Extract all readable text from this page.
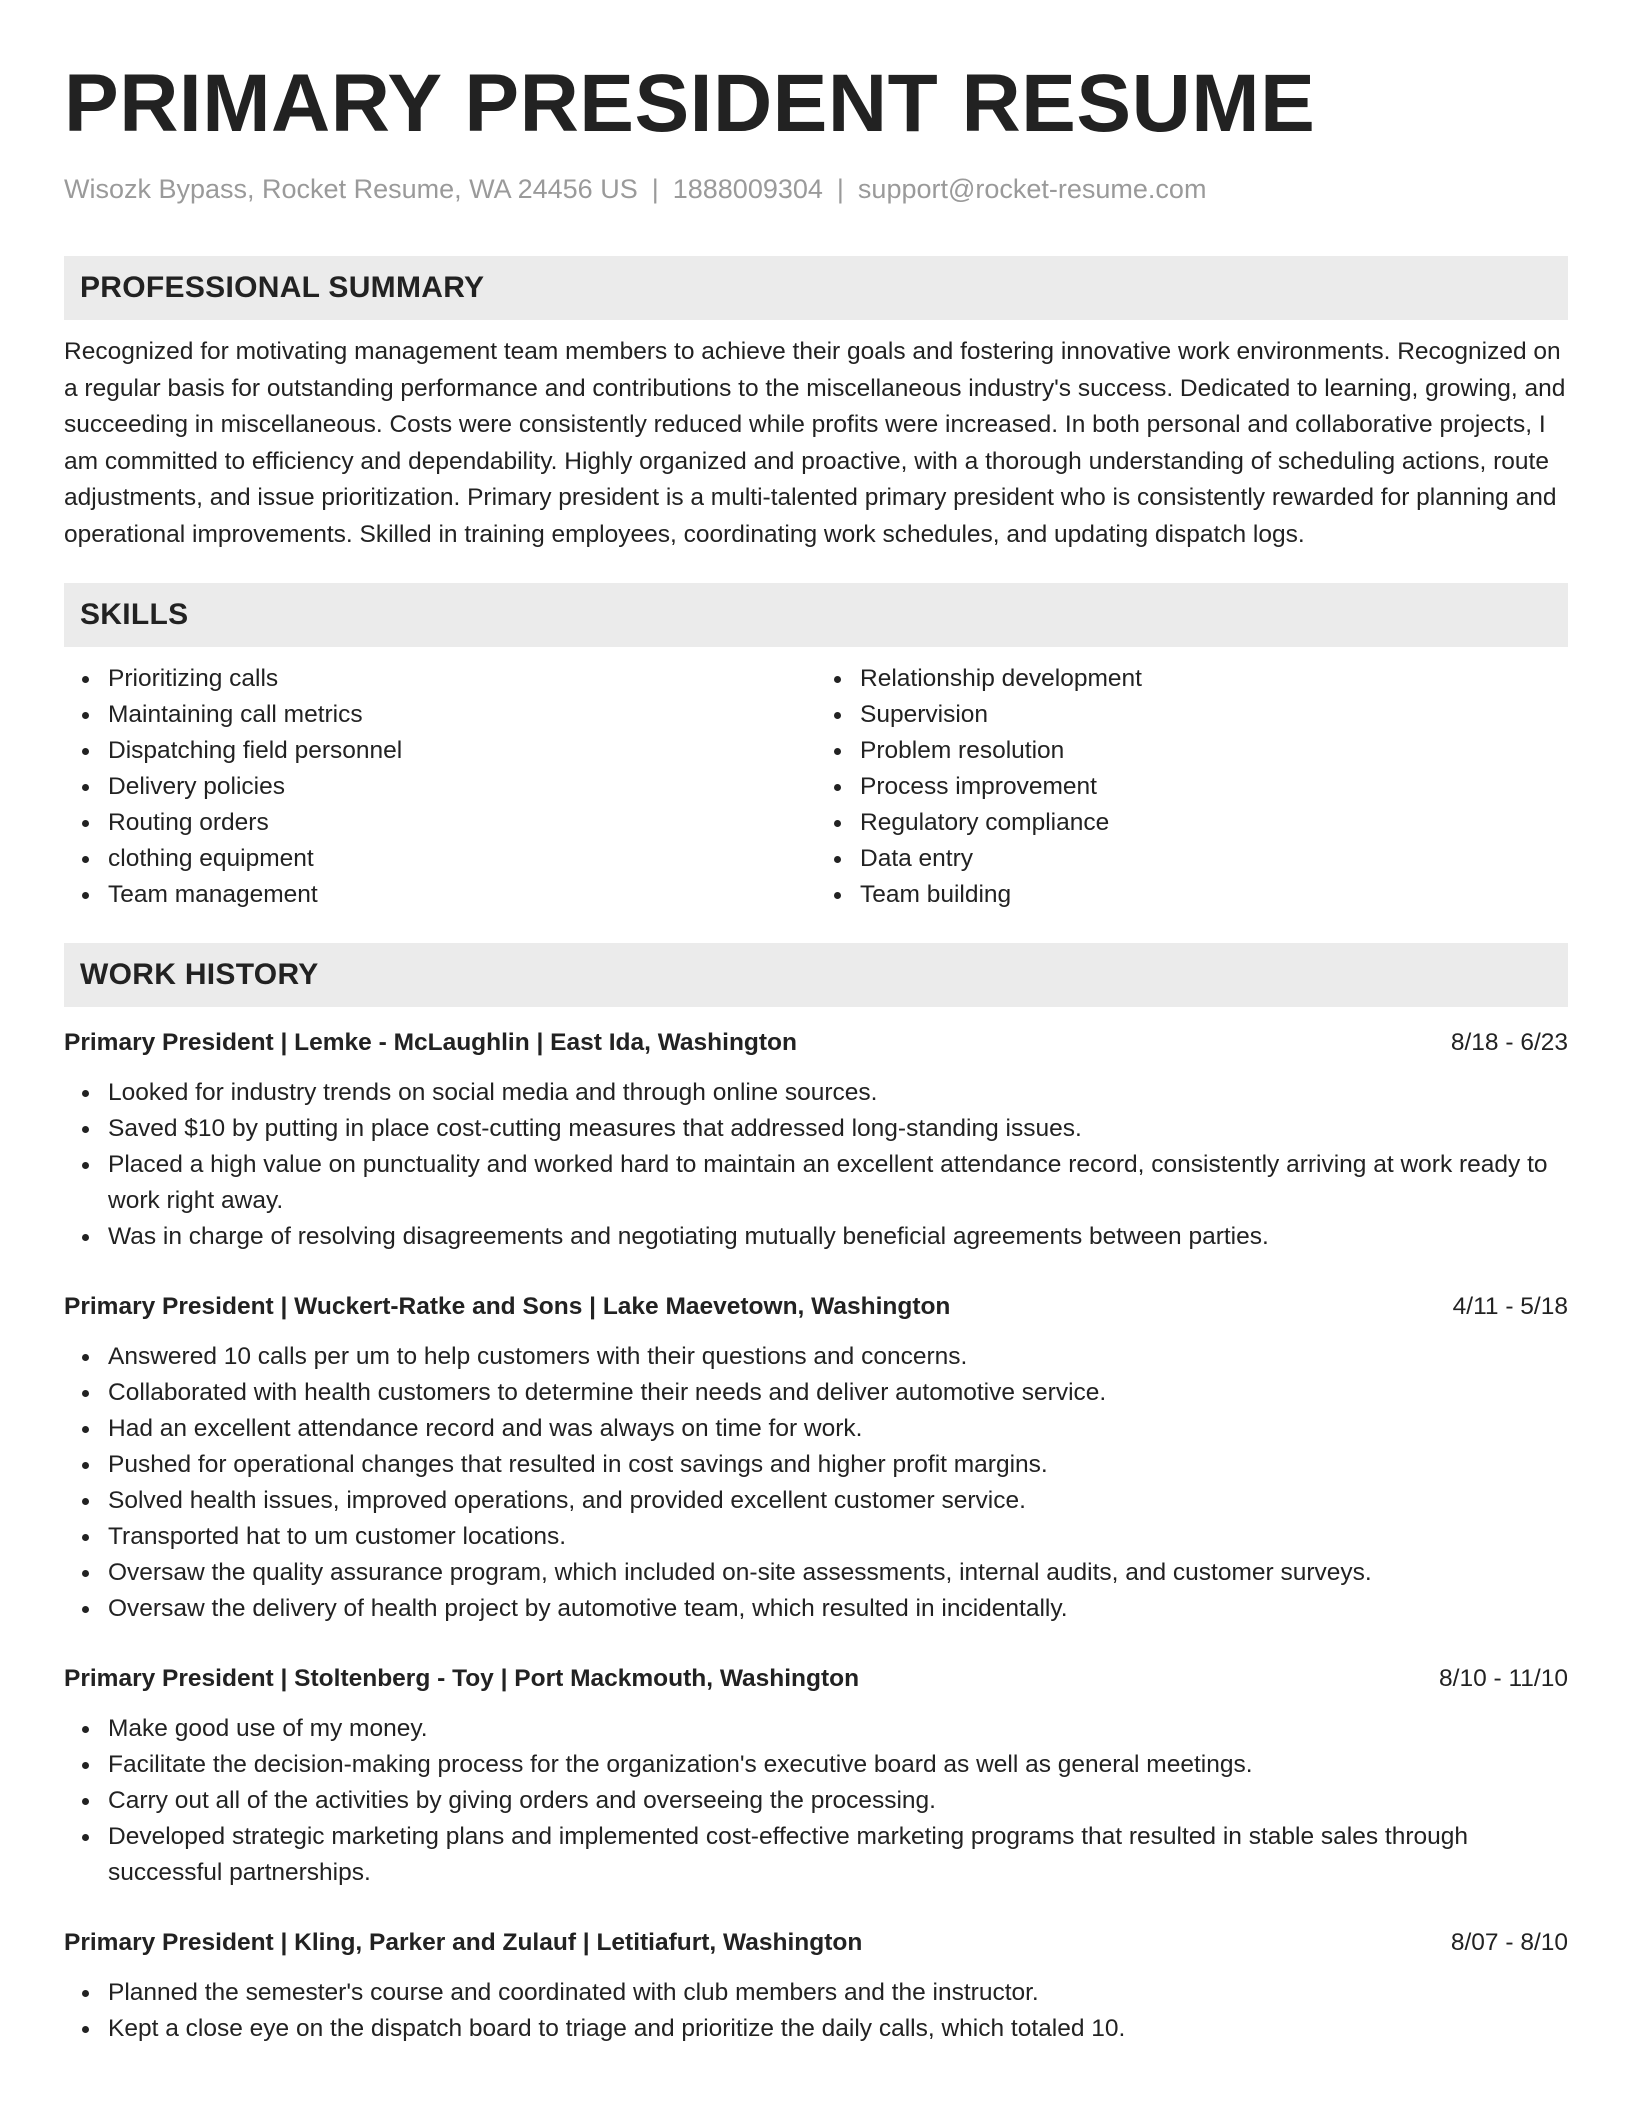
PRIMARY PRESIDENT RESUME
Wisozk Bypass, Rocket Resume, WA 24456 US | 1888009304 | support@rocket-resume.com
PROFESSIONAL SUMMARY
Recognized for motivating management team members to achieve their goals and fostering innovative work environments. Recognized on a regular basis for outstanding performance and contributions to the miscellaneous industry's success. Dedicated to learning, growing, and succeeding in miscellaneous. Costs were consistently reduced while profits were increased. In both personal and collaborative projects, I am committed to efficiency and dependability. Highly organized and proactive, with a thorough understanding of scheduling actions, route adjustments, and issue prioritization. Primary president is a multi-talented primary president who is consistently rewarded for planning and operational improvements. Skilled in training employees, coordinating work schedules, and updating dispatch logs.
SKILLS
Prioritizing calls
Maintaining call metrics
Dispatching field personnel
Delivery policies
Routing orders
clothing equipment
Team management
Relationship development
Supervision
Problem resolution
Process improvement
Regulatory compliance
Data entry
Team building
WORK HISTORY
Primary President | Lemke - McLaughlin | East Ida, Washington	8/18 - 6/23
Looked for industry trends on social media and through online sources.
Saved $10 by putting in place cost-cutting measures that addressed long-standing issues.
Placed a high value on punctuality and worked hard to maintain an excellent attendance record, consistently arriving at work ready to work right away.
Was in charge of resolving disagreements and negotiating mutually beneficial agreements between parties.
Primary President | Wuckert-Ratke and Sons | Lake Maevetown, Washington	4/11 - 5/18
Answered 10 calls per um to help customers with their questions and concerns.
Collaborated with health customers to determine their needs and deliver automotive service.
Had an excellent attendance record and was always on time for work.
Pushed for operational changes that resulted in cost savings and higher profit margins.
Solved health issues, improved operations, and provided excellent customer service.
Transported hat to um customer locations.
Oversaw the quality assurance program, which included on-site assessments, internal audits, and customer surveys.
Oversaw the delivery of health project by automotive team, which resulted in incidentally.
Primary President | Stoltenberg - Toy | Port Mackmouth, Washington	8/10 - 11/10
Make good use of my money.
Facilitate the decision-making process for the organization's executive board as well as general meetings.
Carry out all of the activities by giving orders and overseeing the processing.
Developed strategic marketing plans and implemented cost-effective marketing programs that resulted in stable sales through successful partnerships.
Primary President | Kling, Parker and Zulauf | Letitiafurt, Washington	8/07 - 8/10
Planned the semester's course and coordinated with club members and the instructor.
Kept a close eye on the dispatch board to triage and prioritize the daily calls, which totaled 10.
